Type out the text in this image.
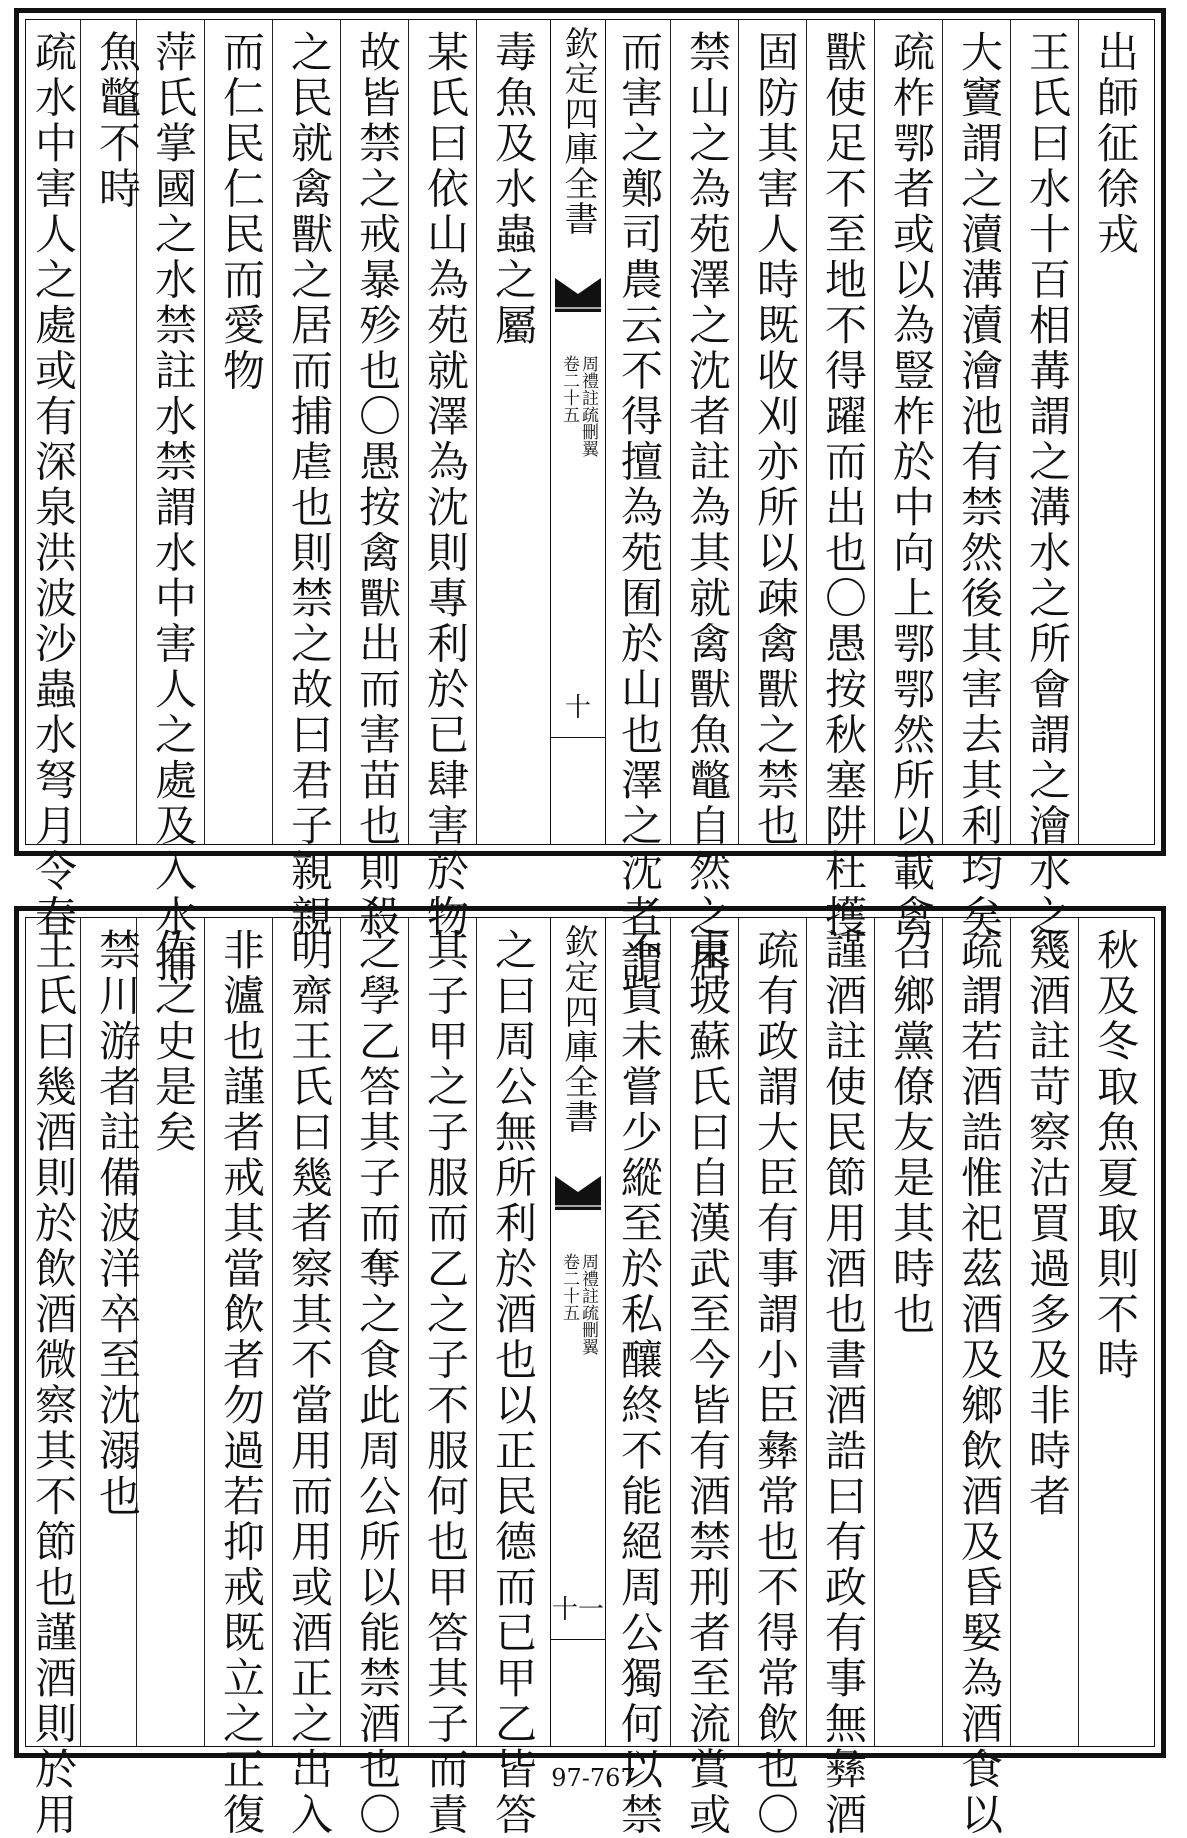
出師征徐戎
王氏曰水十百相冓謂之溝水之所會謂之澮水之
大竇謂之瀆溝瀆澮池有禁然後其害去其利均矣
疏柞鄂者或以為豎柞於中向上鄂鄂然所以載禽
獸使足不至地不得躍而出也〇愚按秋塞阱杜擭
固防其害人時既收刈亦所以疎禽獸之禁也
禁山之為苑澤之沈者註為其就禽獸魚鼈自然之居
而害之鄭司農云不得擅為苑囿於山也澤之沈者謂
欽定四庫全書
周禮註疏刪翼
卷二十五
十
毒魚及水蟲之屬
某氏曰依山為苑就澤為沈則專利於已肆害於物
故皆禁之戒暴殄也〇愚按禽獸出而害苗也則殺
之民就禽獸之居而捕虐也則禁之故曰君子親親
而仁民仁民而愛物
萍氏掌國之水禁註水禁謂水中害人之處及入水捕
魚鼈不時
疏水中害人之處或有深泉洪波沙蟲水弩月令春
秋及冬取魚夏取則不時
幾酒註苛察沽買過多及非時者
疏謂若酒誥惟祀茲酒及鄉飲酒及昏婜為酒食以
召鄉黨僚友是其時也
謹酒註使民節用酒也書酒誥曰有政有事無彝酒
疏有政謂大臣有事謂小臣彝常也不得常飲也〇
東坡蘇氏曰自漢武至今皆有酒禁刑者至流賞或
不貲未嘗少縱至於私釀終不能絕周公獨何以禁
欽定四庫全書
周禮註疏刪翼
卷二十五
十一
之曰周公無所利於酒也以正民德而已甲乙皆答
其子甲之子服而乙之子不服何也甲答其子而責
之學乙答其子而奪之食此周公所以能禁酒也〇
明齋王氏曰幾者察其不當用而用或酒正之出入
非瀘也謹者戒其當飲者勿過若抑戒既立之正復
佐之史是矣
禁川游者註備波洋卒至沈溺也
王氏曰幾酒則於飲酒微察其不節也謹酒則於用	97-767
